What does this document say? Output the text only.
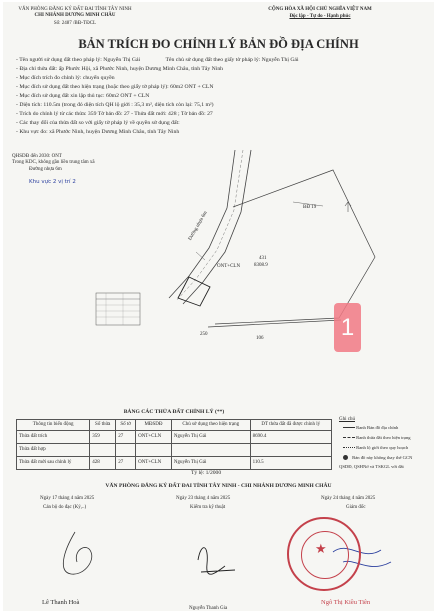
VĂN PHÒNG ĐĂNG KÝ ĐẤT ĐAI TỈNH TÂY NINH
CHI NHÁNH DƯƠNG MINH CHÂU
Số: 2487 /BĐ-TĐCL
CỘNG HÒA XÃ HỘI CHỦ NGHĨA VIỆT NAM
Độc lập - Tự do - Hạnh phúc
BẢN TRÍCH ĐO CHỈNH LÝ BẢN ĐỒ ĐỊA CHÍNH
- Tên người sử dụng đất theo pháp lý: Nguyễn Thị Gái	Tên chủ sử dụng đất theo giấy tờ pháp lý: Nguyễn Thị Gái
- Địa chỉ thửa đất: ấp Phước Hội, xã Phước Ninh, huyện Dương Minh Châu, tỉnh Tây Ninh
- Mục đích trích đo chỉnh lý: chuyển quyền
- Mục đích sử dụng đất theo hiện trạng (hoặc theo giấy tờ pháp lý): 60m2 ONT + CLN
- Mục đích sử dụng đất xin lập thủ tục: 60m2 ONT + CLN
- Diện tích: 110.5m (trong đó diện tích QH lộ giới : 35,3 m², diện tích còn lại: 75,1 m²)
- Trích do chỉnh lý từ các thửa: 359 Tờ bản đồ: 27 - Thửa đất mới: 428 ; Tờ bản đồ: 27
- Các thay đổi của thửa đất so với giấy tờ pháp lý về quyền sử dụng đất:
- Khu vực đo: xã Phước Ninh, huyện Dương Minh Châu, tỉnh Tây Ninh
QHSDĐ đến 2030: ONT
Trong KDC, không gần liền trung tâm xã
Đường nhựa 6m
Khu vực 2 vị trí 2
BĐ 19
431
8308.9
ONT+CLN
250
106
Đường nhựa 6m
1
BẢNG CÁC THỬA ĐẤT CHỈNH LÝ (**)
Thông tin biến động	Số thửa	Số tờ	MĐSDĐ	Chủ sở dụng theo hiện trạng	DT thửa đất đã được chỉnh lý
Thửa đất trích	359	27	ONT+CLN	Nguyễn Thị Gái	8690.4
Thửa đất hợp					
Thửa đất mới sau chỉnh lý	428	27	ONT+CLN	Nguyễn Thị Gái	110.5
Tỷ lệ: 1/2000
Ghi chú
Ranh Bản đồ địa chính
Ranh thửa đất theo hiện trạng
Ranh lộ giới theo quy hoạch
Bản đồ này không thay thế GCN
QSDĐ, QSHNở và TSKGL với đất
VĂN PHÒNG ĐĂNG KÝ ĐẤT ĐAI TỈNH TÂY NINH - CHI NHÁNH DƯƠNG MINH CHÂU
Ngày 17 tháng 4 năm 2025
Cán bộ do đạc (Ký,..)
Ngày 23 tháng 4 năm 2025
Kiểm tra kỹ thuật
Ngày 24 tháng 4 năm 2025
Giám đốc
★
Lê Thanh Hoà
Nguyễn Thanh Gia
Ngô Thị Kiều Tiên
